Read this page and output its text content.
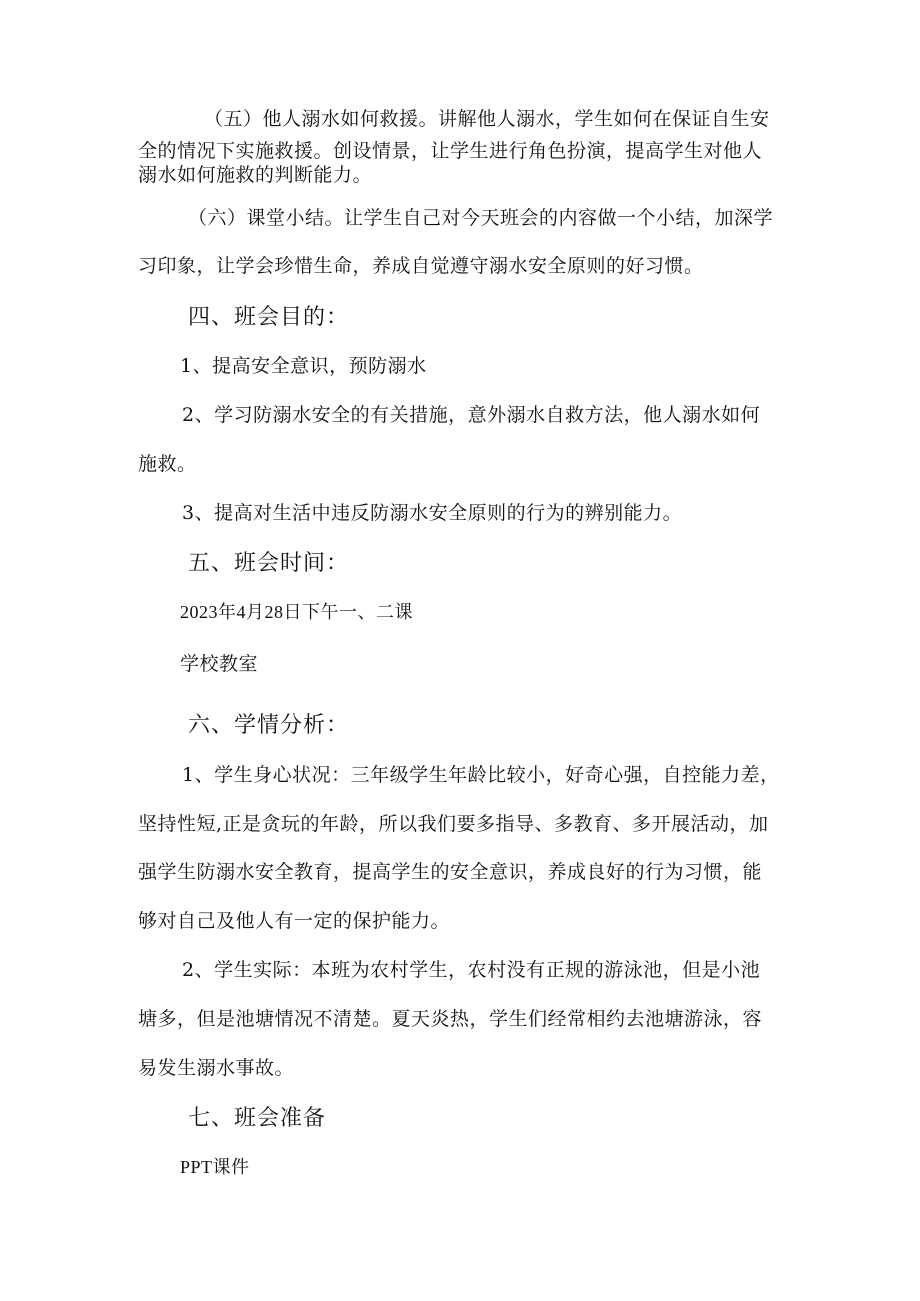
（五）他人溺水如何救援。讲解他人溺水，学生如何在保证自生安
全的情况下实施救援。创设情景，让学生进行角色扮演，提高学生对他人
溺水如何施救的判断能力。
（六）课堂小结。让学生自己对今天班会的内容做一个小结，加深学
习印象，让学会珍惜生命，养成自觉遵守溺水安全原则的好习惯。
四、班会目的：
1、提高安全意识，预防溺水
2、学习防溺水安全的有关措施，意外溺水自救方法，他人溺水如何
施救。
3、提高对生活中违反防溺水安全原则的行为的辨别能力。
五、班会时间：
2023年4月28日下午一、二课
学校教室
六、学情分析：
1、学生身心状况：三年级学生年龄比较小，好奇心强，自控能力差，
坚持性短,正是贪玩的年龄，所以我们要多指导、多教育、多开展活动，加
强学生防溺水安全教育，提高学生的安全意识，养成良好的行为习惯，能
够对自己及他人有一定的保护能力。
2、学生实际：本班为农村学生，农村没有正规的游泳池，但是小池
塘多，但是池塘情况不清楚。夏天炎热，学生们经常相约去池塘游泳，容
易发生溺水事故。
七、班会准备
PPT课件
